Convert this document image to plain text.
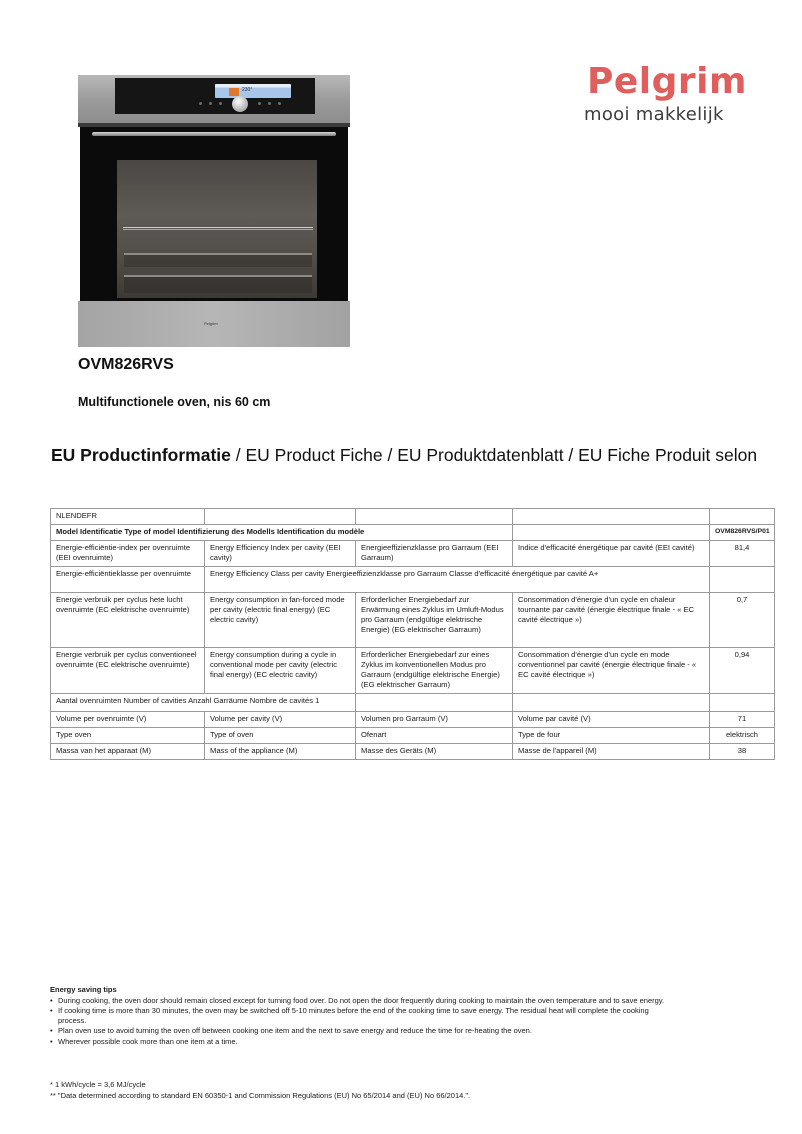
230°
Pelgrim
Pelgrim
mooi makkelijk
OVM826RVS
Multifunctionele oven, nis 60 cm
EU Productinformatie / EU Product Fiche / EU Produktdatenblatt / EU Fiche Produit selon
NLENDEFR				
Model Identificatie Type of model Identifizierung des Modells Identification du modèle				OVM826RVS/P01
Energie-efficiëntie-index per ovenruimte (EEI ovenruimte)	Energy Efficiency Index per cavity (EEI cavity)	Energieeffizienzklasse pro Garraum (EEI Garraum)	Indice d'efficacité énergétique par cavité (EEI cavité)	81,4
Energie-efficiëntieklasse per ovenruimte	Energy Efficiency Class per cavity Energieeffizienzklasse pro Garraum Classe d'efficacité énergétique par cavité A+			
Energie verbruik per cyclus hete lucht ovenruimte (EC elektrische ovenruimte)	Energy consumption in fan-forced mode per cavity (electric final energy) (EC electric cavity)	Erforderlicher Energiebedarf zur Erwärmung eines Zyklus im Umluft-Modus pro Garraum (endgültige elektrische Energie) (EG elektrischer Garraum)	Consommation d'énergie d'un cycle en chaleur tournante par cavité (énergie électrique finale - « EC cavité électrique »)	0,7
Energie verbruik per cyclus conventioneel ovenruimte (EC elektrische ovenruimte)	Energy consumption during a cycle in conventional mode per cavity (electric final energy) (EC electric cavity)	Erforderlicher Energiebedarf zur eines Zyklus im konventionellen Modus pro Garraum (endgültige elektrische Energie) (EG elektrischer Garraum)	Consommation d'énergie d'un cycle en mode conventionnel par cavité (énergie électrique finale - « EC cavité électrique »)	0,94
Aantal ovenruimten Number of cavities Anzahl Garräume Nombre de cavités 1				
Volume per ovenruimte (V)	Volume per cavity (V)	Volumen pro Garraum (V)	Volume par cavité (V)	71
Type oven	Type of oven	Ofenart	Type de four	elektrisch
Massa van het apparaat (M)	Mass of the appliance (M)	Masse des Geräts (M)	Masse de l'appareil (M)	38
Energy saving tips
• During cooking, the oven door should remain closed except for turning food over. Do not open the door frequently during cooking to maintain the oven temperature and to save energy.
• If cooking time is more than 30 minutes, the oven may be switched off 5-10 minutes before the end of the cooking time to save energy. The residual heat will complete the cooking process.
• Plan oven use to avoid turning the oven off between cooking one item and the next to save energy and reduce the time for re-heating the oven.
• Wherever possible cook more than one item at a time.
* 1 kWh/cycle = 3,6 MJ/cycle
** "Data determined according to standard EN 60350-1 and Commission Regulations (EU) No 65/2014 and (EU) No 66/2014.".
